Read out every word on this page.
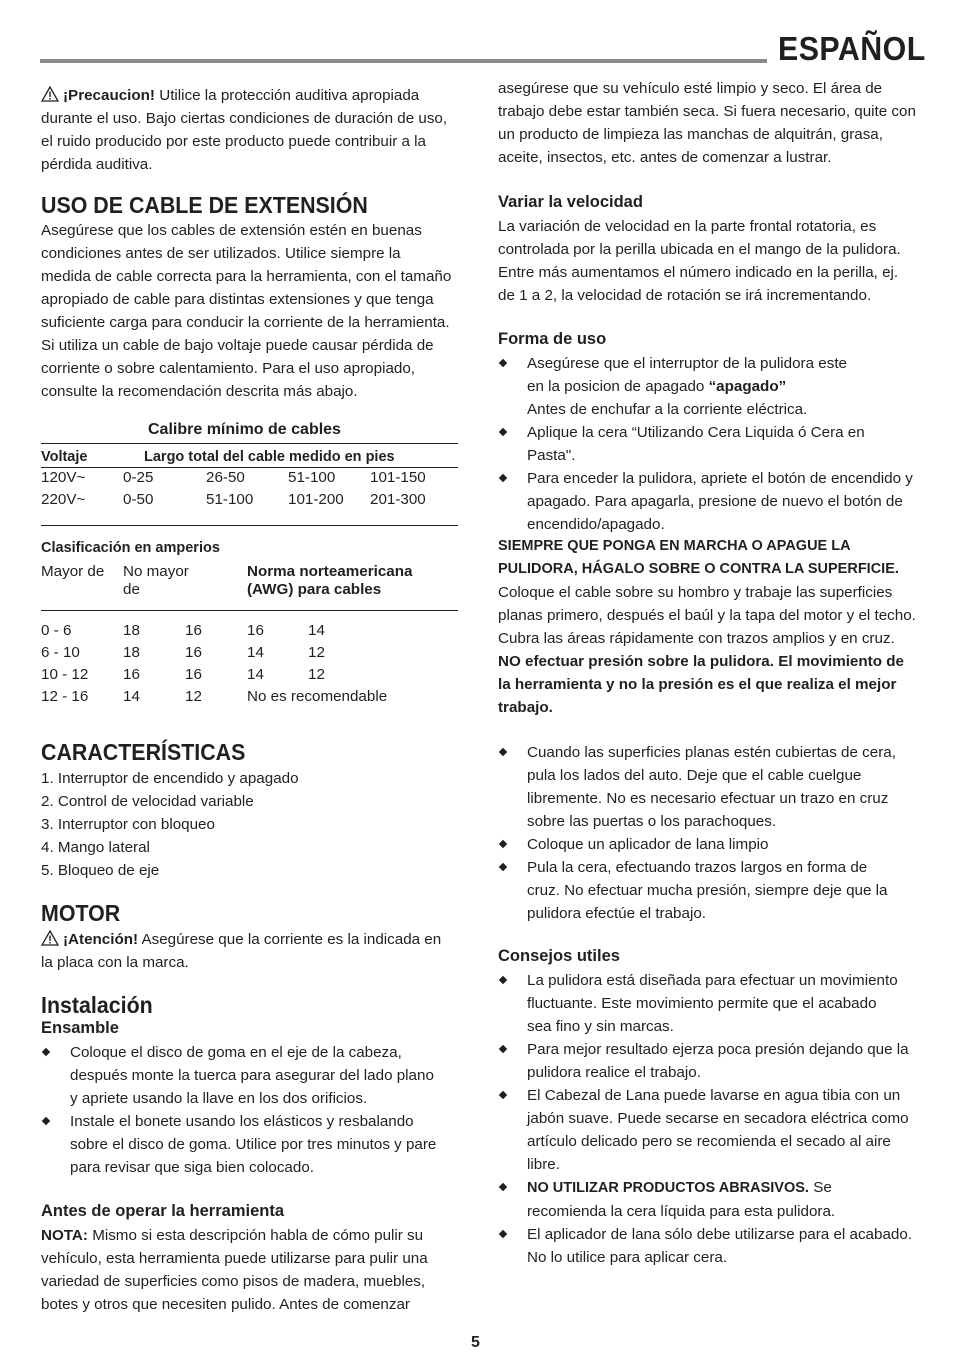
ESPAÑOL

¡Precaucion! Utilice la protección auditiva apropiada durante el uso. Bajo ciertas condiciones de duración de uso, el ruido producido por este producto puede contribuir a la pérdida auditiva.

USO DE CABLE DE EXTENSIÓN

Asegúrese que los cables de extensión estén en buenas condiciones antes de ser utilizados. Utilice siempre la medida de cable correcta para la herramienta, con el tamaño apropiado de cable para distintas extensiones y que tenga suficiente carga para conducir la corriente de la herramienta. Si utiliza un cable de bajo voltaje puede causar pérdida de corriente o sobre calentamiento. Para el uso apropiado, consulte la recomendación descrita más abajo.

Calibre mínimo de cables
Voltaje	Largo total del cable medido en pies
120V~ 0-25	26-50	51-100 101-150
220V~ 0-50	51-100 101-200 201-300
Clasificación en amperios
Mayor de	No mayor de
Norma norteamericana (AWG) para cables
0 - 6	18	16	16	14
6 - 10	18	16	14	12
10 - 12 16	16	14	12
12 - 16 14	12	No es recomendable
CARACTERÍSTICAS
1. Interruptor de encendido y apagado
2. Control de velocidad variable
3. Interruptor con bloqueo
4. Mango lateral
5. Bloqueo de eje
MOTOR

¡Atención! Asegúrese que la corriente es la indicada en la placa con la marca.

Instalación
Ensamble
Coloque el disco de goma en el eje de la cabeza, después monte la tuerca para asegurar del lado plano y apriete usando la llave en los dos orificios.
Instale el bonete usando los elásticos y resbalando sobre el disco de goma. Utilice por tres minutos y pare para revisar que siga bien colocado.
Antes de operar la herramienta

NOTA: Mismo si esta descripción habla de cómo pulir su vehículo, esta herramienta puede utilizarse para pulir una variedad de superficies como pisos de madera, muebles, botes y otros que necesiten pulido. Antes de comenzar

asegúrese que su vehículo esté limpio y seco. El área de trabajo debe estar también seca. Si fuera necesario, quite con un producto de limpieza las manchas de alquitrán, grasa, aceite, insectos, etc. antes de comenzar a lustrar.

Variar la velocidad

La variación de velocidad en la parte frontal rotatoria, es controlada por la perilla ubicada en el mango de la pulidora. Entre más aumentamos el número indicado en la perilla, ej. de 1 a 2, la velocidad de rotación se irá incrementando.

Forma de uso
Asegúrese que el interruptor de la pulidora este en la posicion de apagado “apagado”
Antes de enchufar a la corriente eléctrica.
Aplique la cera “Utilizando Cera Liquida ó Cera en Pasta".
Para enceder la pulidora, apriete el botón de encendido y apagado. Para apagarla, presione de nuevo el botón de encendido/apagado.

SIEMPRE QUE PONGA EN MARCHA O APAGUE LA PULIDORA, HÁGALO SOBRE O CONTRA LA SUPERFICIE.

Coloque el cable sobre su hombro y trabaje las superficies planas primero, después el baúl y la tapa del motor y el techo. Cubra las áreas rápidamente con trazos amplios y en cruz.

NO efectuar presión sobre la pulidora. El movimiento de la herramienta y no la presión es el que realiza el mejor trabajo.

Cuando las superficies planas estén cubiertas de cera, pula los lados del auto. Deje que el cable cuelgue libremente. No es necesario efectuar un trazo en cruz sobre las puertas o los parachoques.
Coloque un aplicador de lana limpio
Pula la cera, efectuando trazos largos en forma de cruz. No efectuar mucha presión, siempre deje que la pulidora efectúe el trabajo.
Consejos utiles
La pulidora está diseñada para efectuar un movimiento fluctuante. Este movimiento permite que el acabado sea fino y sin marcas.
Para mejor resultado ejerza poca presión dejando que la pulidora realice el trabajo.
El Cabezal de Lana puede lavarse en agua tibia con un jabón suave. Puede secarse en secadora eléctrica como artículo delicado pero se recomienda el secado al aire libre.
NO UTILIZAR PRODUCTOS ABRASIVOS. Se recomienda la cera líquida para esta pulidora.
El aplicador de lana sólo debe utilizarse para el acabado. No lo utilice para aplicar cera.
5
